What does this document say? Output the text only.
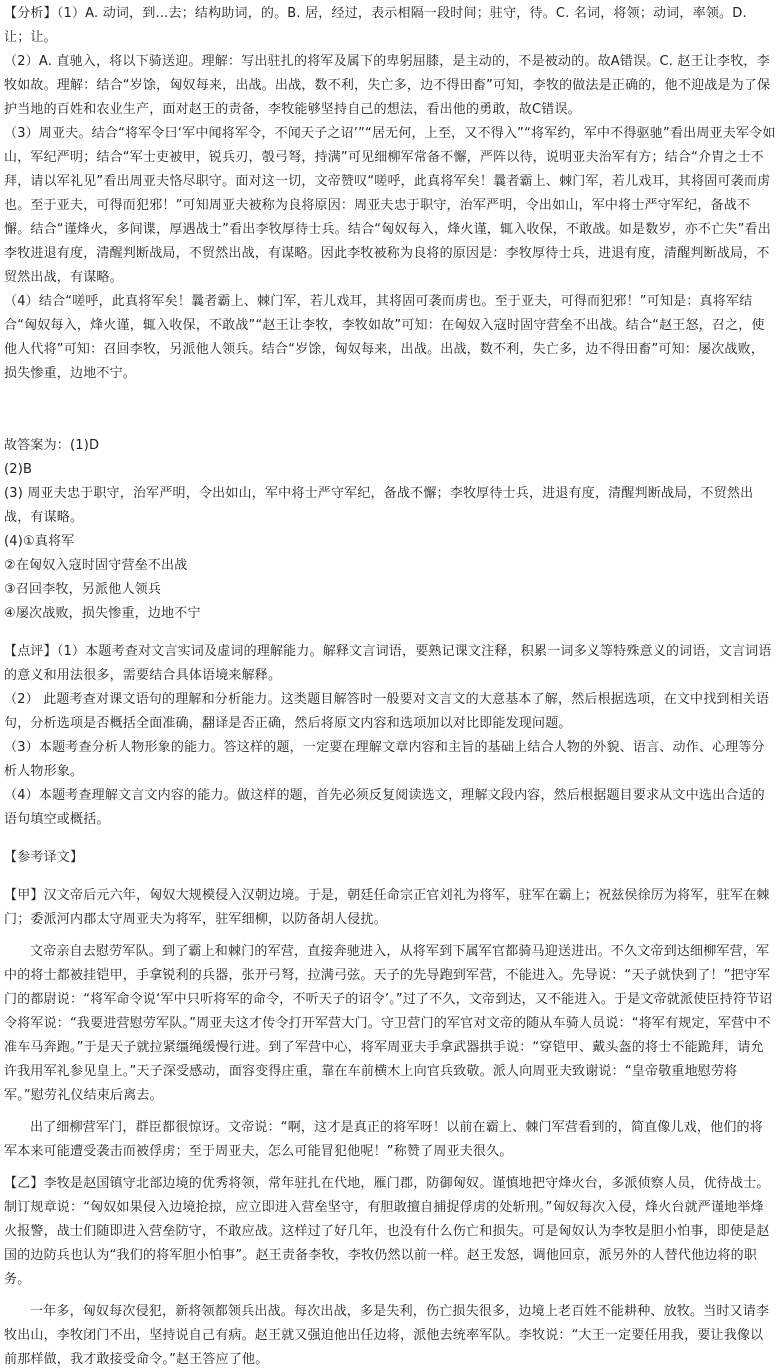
【分析】（1）A. 动词，到...去；结构助词，的。B. 居，经过，表示相隔一段时间；驻守，待。C. 名词，将领；动词，率领。D. 让；让。

（2）A. 直驰入，将以下骑送迎。理解：写出驻扎的将军及属下的卑躬屈膝，是主动的，不是被动的。故A错误。C. 赵王让李牧，李牧如故。理解：结合“岁馀，匈奴每来，出战。出战，数不利，失亡多，边不得田畜”可知，李牧的做法是正确的，他不迎战是为了保护当地的百姓和农业生产，面对赵王的责备，李牧能够坚持自己的想法，看出他的勇敢，故C错误。

（3）周亚夫。结合“将军令曰‘军中闻将军令，不闻天子之诏’”“居无何，上至，又不得入”“将军约，军中不得驱驰”看出周亚夫军令如山，军纪严明；结合“军士吏被甲，锐兵刃，彀弓弩，持满”可见细柳军常备不懈，严阵以待，说明亚夫治军有方；结合“介胄之士不拜，请以军礼见”看出周亚夫恪尽职守。面对这一切，文帝赞叹“嗟呼，此真将军矣！曩者霸上、棘门军，若儿戏耳，其将固可袭而虏也。至于亚夫，可得而犯邪！”可知周亚夫被称为良将原因：周亚夫忠于职守，治军严明，令出如山，军中将士严守军纪，备战不懈。结合“谨烽火，多间谍，厚遇战士”看出李牧厚待士兵。结合“匈奴每入，烽火谨，辄入收保，不敢战。如是数岁，亦不亡失”看出李牧进退有度，清醒判断战局，不贸然出战，有谋略。因此李牧被称为良将的原因是：李牧厚待士兵，进退有度，清醒判断战局，不贸然出战，有谋略。

（4）结合“嗟呼，此真将军矣！曩者霸上、棘门军，若儿戏耳，其将固可袭而虏也。至于亚夫，可得而犯邪！”可知是：真将军结合“匈奴每入，烽火谨，辄入收保，不敢战”“赵王让李牧，李牧如故”可知：在匈奴入寇时固守营垒不出战。结合“赵王怒，召之，使他人代将”可知：召回李牧，另派他人领兵。结合“岁馀，匈奴每来，出战。出战，数不利，失亡多，边不得田畜”可知：屡次战败，损失惨重，边地不宁。

故答案为：(1)D

(2)B

(3) 周亚夫忠于职守，治军严明，令出如山，军中将士严守军纪，备战不懈；李牧厚待士兵，进退有度，清醒判断战局，不贸然出战，有谋略。

(4)①真将军

②在匈奴入寇时固守营垒不出战

③召回李牧，另派他人领兵

④屡次战败，损失惨重，边地不宁

【点评】（1）本题考查对文言实词及虚词的理解能力。解释文言词语，要熟记课文注释，积累一词多义等特殊意义的词语，文言词语的意义和用法很多，需要结合具体语境来解释。

（2） 此题考查对课文语句的理解和分析能力。这类题目解答时一般要对文言文的大意基本了解，然后根据选项，在文中找到相关语句，分析选项是否概括全面准确，翻译是否正确，然后将原文内容和选项加以对比即能发现问题。

（3）本题考查分析人物形象的能力。答这样的题，一定要在理解文章内容和主旨的基础上结合人物的外貌、语言、动作、心理等分析人物形象。

（4）本题考查理解文言文内容的能力。做这样的题，首先必须反复阅读选文，理解文段内容，然后根据题目要求从文中选出合适的语句填空或概括。

【参考译文】

【甲】汉文帝后元六年，匈奴大规模侵入汉朝边境。于是，朝廷任命宗正官刘礼为将军，驻军在霸上；祝兹侯徐厉为将军，驻军在棘门；委派河内郡太守周亚夫为将军，驻军细柳，以防备胡人侵扰。

文帝亲自去慰劳军队。到了霸上和棘门的军营，直接奔驰进入，从将军到下属军官都骑马迎送进出。不久文帝到达细柳军营，军中的将士都被挂铠甲，手拿锐利的兵器，张开弓弩，拉满弓弦。天子的先导跑到军营，不能进入。先导说：“天子就快到了！”把守军门的都尉说：“将军命令说‘军中只听将军的命令，不听天子的诏令’。”过了不久，文帝到达，又不能进入。于是文帝就派使臣持符节诏令将军说：“我要进营慰劳军队。”周亚夫这才传令打开军营大门。守卫营门的军官对文帝的随从车骑人员说：“将军有规定，军营中不准车马奔跑。”于是天子就拉紧缰绳缓慢行进。到了军营中心，将军周亚夫手拿武器拱手说：“穿铠甲、戴头盔的将士不能跪拜，请允许我用军礼参见皇上。”天子深受感动，面容变得庄重，靠在车前横木上向官兵致敬。派人向周亚夫致谢说：“皇帝敬重地慰劳将军。”慰劳礼仪结束后离去。

出了细柳营军门，群臣都很惊讶。文帝说：“啊，这才是真正的将军呀！以前在霸上、棘门军营看到的，简直像儿戏，他们的将军本来可能遭受袭击而被俘虏；至于周亚夫，怎么可能冒犯他呢！”称赞了周亚夫很久。

【乙】李牧是赵国镇守北部边境的优秀将领，常年驻扎在代地，雁门郡，防御匈奴。谨慎地把守烽火台，多派侦察人员，优待战士。制订规章说：“匈奴如果侵入边境抢掠，应立即进入营垒坚守，有胆敢擅自捕捉俘虏的处斩刑。”匈奴每次入侵，烽火台就严谨地举烽火报警，战士们随即进入营垒防守，不敢应战。这样过了好几年，也没有什么伤亡和损失。可是匈奴认为李牧是胆小怕事，即使是赵国的边防兵也认为“我们的将军胆小怕事”。赵王责备李牧，李牧仍然以前一样。赵王发怒，调他回京，派另外的人替代他边将的职务。

一年多，匈奴每次侵犯，新将领都领兵出战。每次出战，多是失利，伤亡损失很多，边境上老百姓不能耕种、放牧。当时又请李牧出山，李牧闭门不出，坚持说自己有病。赵王就又强迫他出任边将，派他去统率军队。李牧说：“大王一定要任用我，要让我像以前那样做，我才敢接受命令。”赵王答应了他。
